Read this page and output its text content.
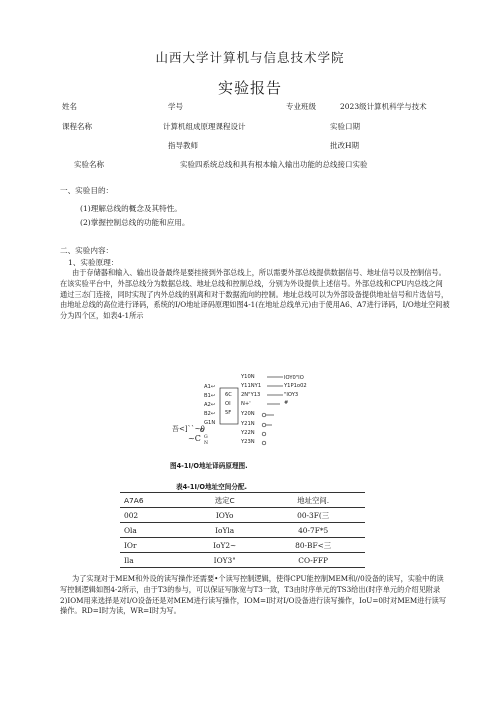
山西大学计算机与信息技术学院
实验报告
姓名	学号	专业班级	2023级计算机科学与技术
课程名称	计算机组成原理课程设计	实验口期
指导教师	批改H期
实验名称	实验四系统总线和具有根本输入输出功能的总线接口实验
一、实验目的：
(1)理解总线的概念及其特性。
(2)掌握控制总线的功能和应用。
二、实验内容：
1、实验原理：
由于存储器和输入、输出设备最终是要挂接到外部总线上，所以需要外部总线提供数据信号、地址信号以及控制信号。在该实验平台中，外部总线分为数据总线、地址总线和控制总线，分别为外设提供上述信号。外部总线和CPU内总线之间通过三态门连接，同时实现了内外总线的别离和对于数据流向的控制。地址总线可以为外部设备提供地址信号和片选信号，由地址总线的高位进行译码，系统的I/O地址译码原理如图4-1(在地址总线单元)由于使用A6、A7进行译码，I/O地址空间被分为四个区，如表4-1所示
A1↩
B1↩
A2↩
B2↩
G1N
6C
OI
5F
Y10N
Y11NY1
2N"Y13
N+'
Y20N
Y21N
Y22N
Y23N
IOY0"IO
Y1P1o02
"IOY3
#
吾<]``~0
~C G
N
图4-1I/O地址译码原理图.
表4-1I/O地址空间分配.
A7A6	选定C	地址空间.
002	IOYo	00-3F(三
Ola	IoYla	40-7F*5
IOr	IoY2~	80-BF<三
Ila	IOY3"	CO-FFP
为了实现对于MEM和外设的读写操作还需要•个读写控制逻辑，使得CPU能控制MEM和//0设备的读写，实验中的读写控制逻辑如图4-2所示，由于T3的参与，可以保证写脉宽与T3一致，T3由时序单元的TS3给出(时序单元的介绍见附录2)IOM用来选择是对I/O设备还是对MEM进行读写操作，IOM=I时对I/O设备进行读写操作，IoU=0时对MEM进行读写操作。RD=I时为读，WR=I时为写。
